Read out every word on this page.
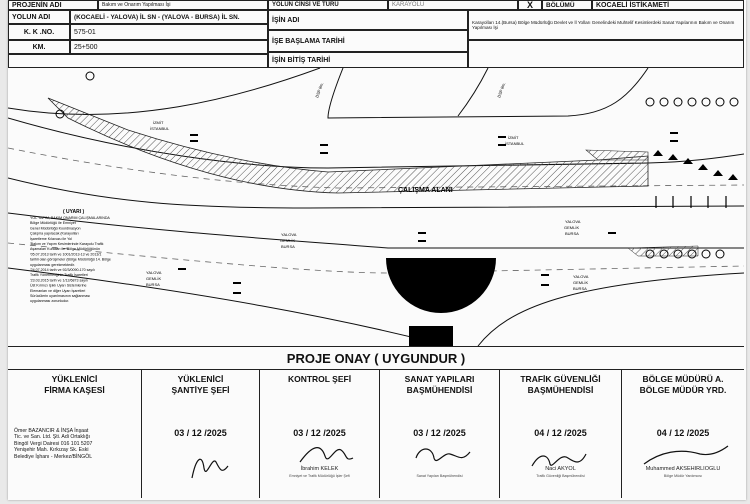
PROJENİN ADI	Bakım ve Onarım Yapılması İşi
YOLUN ADI	(KOCAELİ - YALOVA) İL SN - (YALOVA - BURSA) İL SN.
K. K .NO.	575-01
KM.	25+500
YOLUN CİNSİ VE TÜRÜ	KARAYOLU	X	BÖLÜMÜ	KOCAELİ İSTİKAMETİ
İŞİN ADI	Karayolları 14.(Bursa) Bölge Müdürlüğü Devlet ve İl Yolları Genelindeki Muhtelif Kesimlerdeki Sanat Yapılarının Bakım ve Onarım Yapılması İşi
İŞE BAŞLAMA TARİHİ
İŞİN BİTİŞ TARİHİ
ÇALIŞMA ALANI
İZMİT
İSTANBUL
İZMİT
İSTANBUL
DSP 8m.	DSP 8m.
YALOVA
GEMLİK
BURSA
YALOVA
GEMLİK
BURSA
YALOVA
GEMLİK
BURSA
YALOVA
GEMLİK
BURSA
( UYARI )
YOL YAPIM, BAKIM ONARIM ÇALIŞMALARINDA
Bölge Müdürlüğü ile Emniyet
Genel Müdürlüğü Koordinasyon
Çalışma yapılacak (Karayolları
İşaretleme Kılavuzu ile Yol
'Bakım ve Yapım Kesimlerinde Karayolu Trafik
Aşamaları Kuralları ile 'Bölge Müdürlüğünün
'05.07.2013 tarih ve 1001/2013-13 ve 2013/1
tarihli olan görüşmeler (Bölge Müdürlüğü 14. Bölge
uygulanması gerekmektedir.
'24.07.2014 tarih ve 92/3/0090-170 sayılı
Trafik Yönetmeliğinin Trafik İşaretleri
'23.03.2015 tarih ve 1/12/6873 sayılı
Üst Kırmızı Işıklı Uyarı Sistemlerine
Elemanları ve diğer Uyarı İşaretleri
Sürücülerin uyarılmasının sağlanması
uygulanması zorunludur.
PROJE ONAY ( UYGUNDUR )
YÜKLENİCİ
FİRMA KAŞESİ
Ömer BAZANCIR & İNŞA İnşaat
Tic. ve San. Ltd. Şti. Adi Ortaklığı
Bingöl Vergi Dairesi 016 101 5207
Yenişehir Mah. Kırkızay Sk. Eski
Belediye İşhanı - Merkez/BİNGÖL
YÜKLENİCİ
ŞANTİYE ŞEFİ
03 / 12 /2025
KONTROL ŞEFİ
03 / 12 /2025
İbrahim KELEK
Emniyet ve Trafik Müdürlüğü İşler Şefi
SANAT YAPILARI
BAŞMÜHENDİSİ
03 / 12 /2025
Sanat Yapıları Başmühendisi
TRAFİK GÜVENLİĞİ
BAŞMÜHENDİSİ
04 / 12 /2025
Naci AKYOL
Trafik Güvenliği Başmühendisi
BÖLGE MÜDÜRÜ A.
BÖLGE MÜDÜR YRD.
04 / 12 /2025
Muhammed AKSEHIRLIOGLU
Bölge Müdür Yardımcısı
